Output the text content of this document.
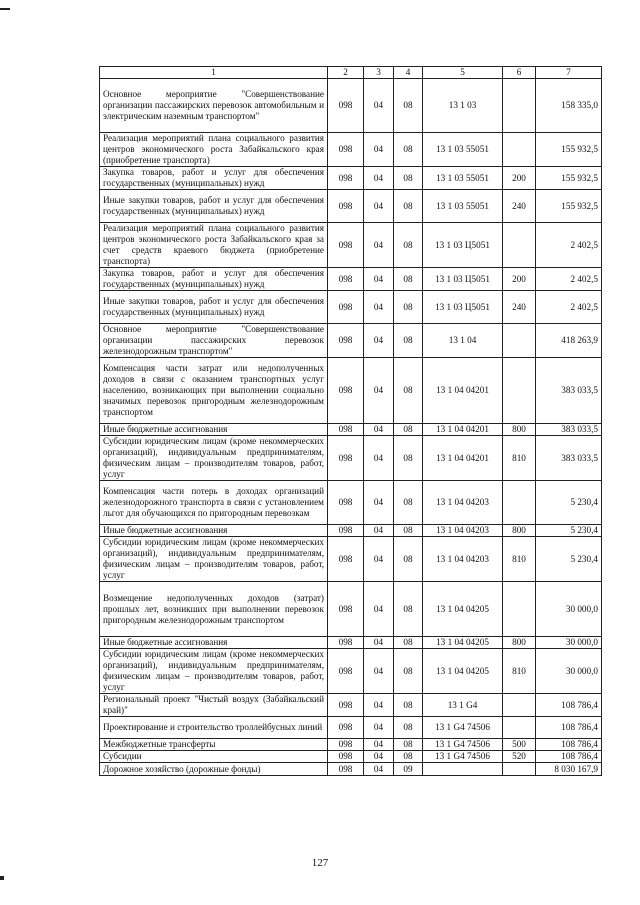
1	2	3	4	5	6	7
Основное мероприятие "Совершенствование организации пассажирских перевозок автомобильным и электрическим наземным транспортом"	098	04	08	13 1 03		158 335,0
Реализация мероприятий плана социального развития центров экономического роста Забайкальского края (приобретение транспорта)	098	04	08	13 1 03 55051		155 932,5
Закупка товаров, работ и услуг для обеспечения государственных (муниципальных) нужд	098	04	08	13 1 03 55051	200	155 932,5
Иные закупки товаров, работ и услуг для обеспечения государственных (муниципальных) нужд	098	04	08	13 1 03 55051	240	155 932,5
Реализация мероприятий плана социального развития центров экономического роста Забайкальского края за счет средств краевого бюджета (приобретение транспорта)	098	04	08	13 1 03 Ц5051		2 402,5
Закупка товаров, работ и услуг для обеспечения государственных (муниципальных) нужд	098	04	08	13 1 03 Ц5051	200	2 402,5
Иные закупки товаров, работ и услуг для обеспечения государственных (муниципальных) нужд	098	04	08	13 1 03 Ц5051	240	2 402,5
Основное мероприятие "Совершенствование организации пассажирских перевозок железнодорожным транспортом"	098	04	08	13 1 04		418 263,9
Компенсация части затрат или недополученных доходов в связи с оказанием транспортных услуг населению, возникающих при выполнении социально значимых перевозок пригородным железнодорожным транспортом	098	04	08	13 1 04 04201		383 033,5
Иные бюджетные ассигнования	098	04	08	13 1 04 04201	800	383 033,5
Субсидии юридическим лицам (кроме некоммерческих организаций), индивидуальным предпринимателям, физическим лицам – производителям товаров, работ, услуг	098	04	08	13 1 04 04201	810	383 033,5
Компенсация части потерь в доходах организаций железнодорожного транспорта в связи с установлением льгот для обучающихся по пригородным перевозкам	098	04	08	13 1 04 04203		5 230,4
Иные бюджетные ассигнования	098	04	08	13 1 04 04203	800	5 230,4
Субсидии юридическим лицам (кроме некоммерческих организаций), индивидуальным предпринимателям, физическим лицам – производителям товаров, работ, услуг	098	04	08	13 1 04 04203	810	5 230,4
Возмещение недополученных доходов (затрат) прошлых лет, возникших при выполнении перевозок пригородным железнодорожным транспортом	098	04	08	13 1 04 04205		30 000,0
Иные бюджетные ассигнования	098	04	08	13 1 04 04205	800	30 000,0
Субсидии юридическим лицам (кроме некоммерческих организаций), индивидуальным предпринимателям, физическим лицам – производителям товаров, работ, услуг	098	04	08	13 1 04 04205	810	30 000,0
Региональный проект "Чистый воздух (Забайкальский край)"	098	04	08	13 1 G4		108 786,4
Проектирование и строительство троллейбусных линий	098	04	08	13 1 G4 74506		108 786,4
Межбюджетные трансферты	098	04	08	13 1 G4 74506	500	108 786,4
Субсидии	098	04	08	13 1 G4 74506	520	108 786,4
Дорожное хозяйство (дорожные фонды)	098	04	09			8 030 167,9
127
